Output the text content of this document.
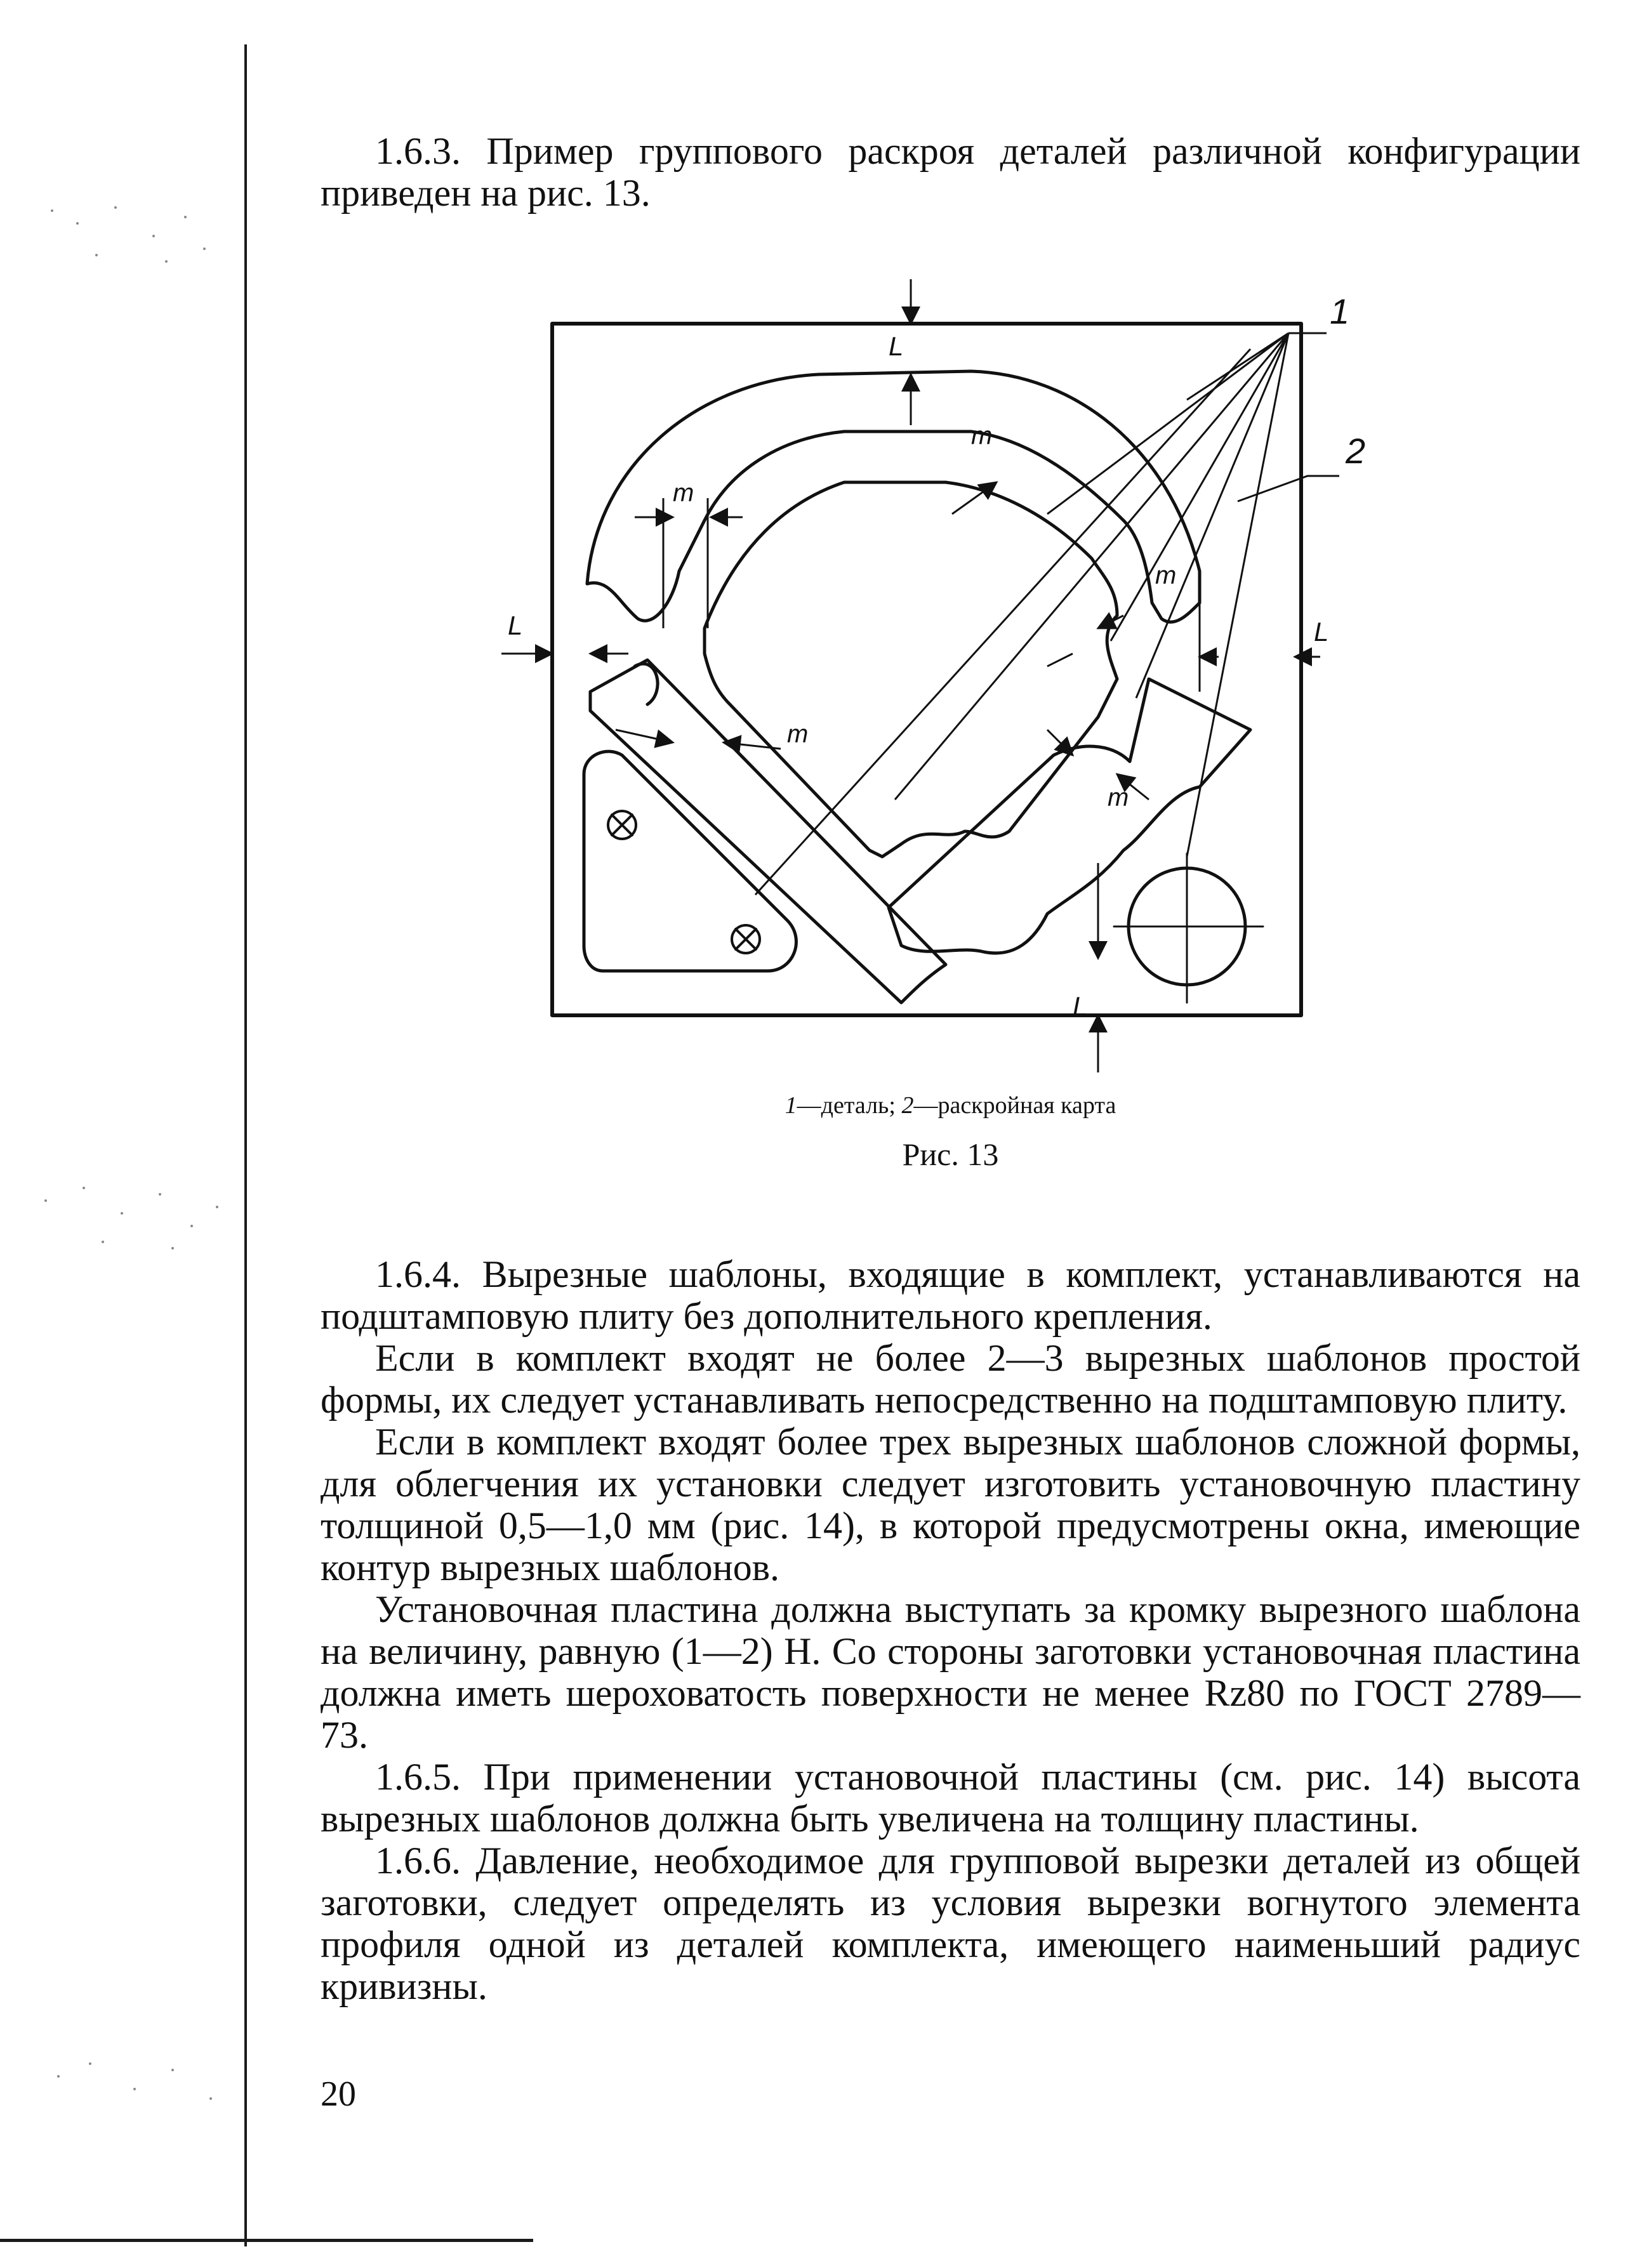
1.6.3. Пример группового раскроя деталей различной конфигурации приведен на рис. 13.

1
2
L
L	L
L
m
m
m
m
m
1—деталь; 2—раскройная карта
Рис. 13

1.6.4. Вырезные шаблоны, входящие в комплект, устанавливаются на подштамповую плиту без дополнительного крепления.

Если в комплект входят не более 2—3 вырезных шаблонов простой формы, их следует устанавливать непосредственно на подштамповую плиту.

Если в комплект входят более трех вырезных шаблонов сложной формы, для облегчения их установки следует изготовить установочную пластину толщиной 0,5—1,0 мм (рис. 14), в которой предусмотрены окна, имеющие контур вырезных шаблонов.

Установочная пластина должна выступать за кромку вырезного шаблона на величину, равную (1—2) H. Со стороны заготовки установочная пластина должна иметь шероховатость поверхности не менее Rz80 по ГОСТ 2789—73.

1.6.5. При применении установочной пластины (см. рис. 14) высота вырезных шаблонов должна быть увеличена на толщину пластины.

1.6.6. Давление, необходимое для групповой вырезки деталей из общей заготовки, следует определять из условия вырезки вогнутого элемента профиля одной из деталей комплекта, имеющего наименьший радиус кривизны.

20
